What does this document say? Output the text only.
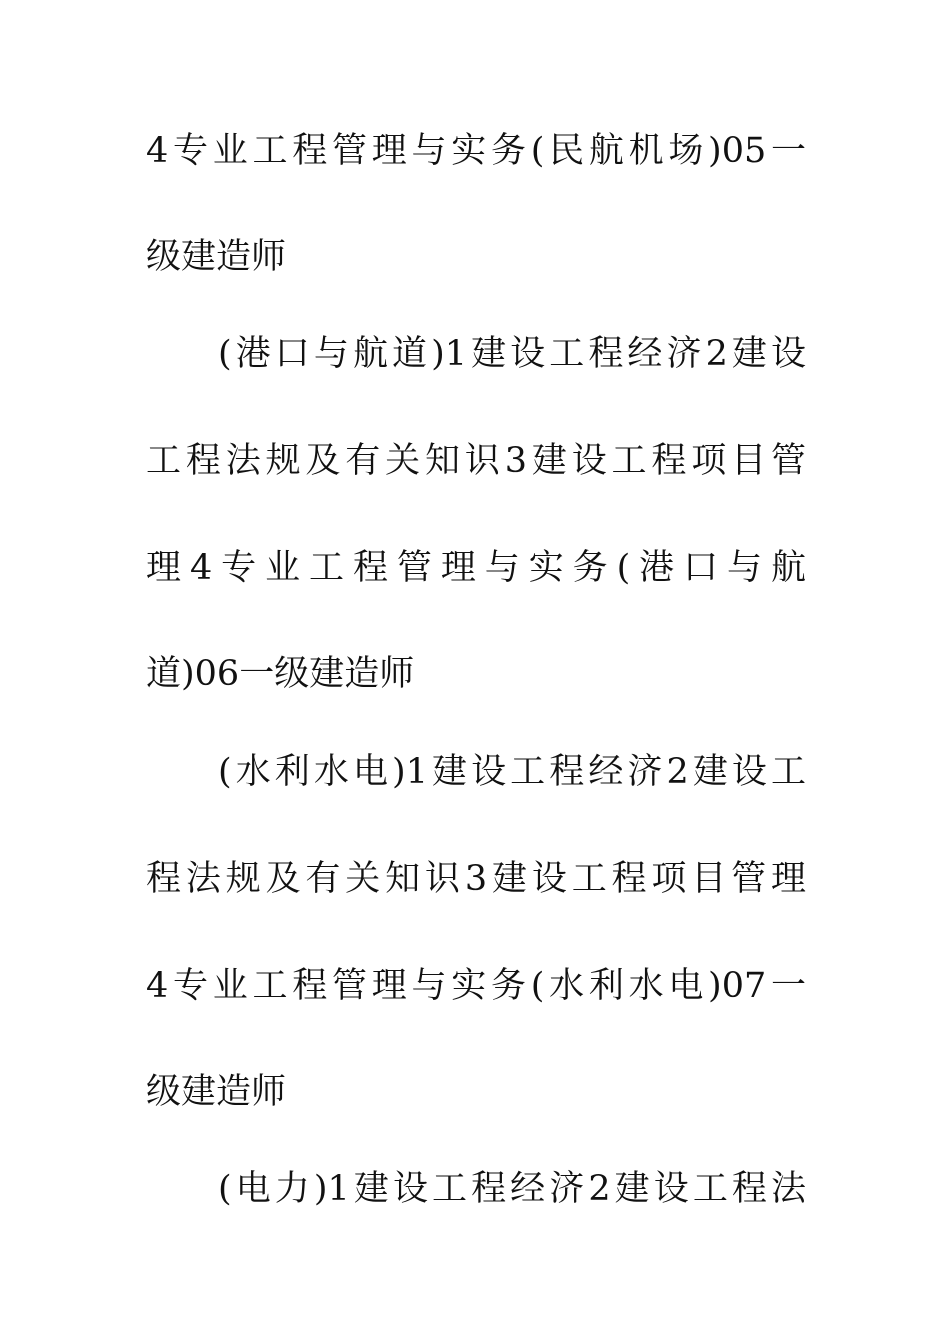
4专业工程管理与实务(民航机场)05一
级建造师
(港口与航道)1建设工程经济2建设
工程法规及有关知识3建设工程项目管
理4专业工程管理与实务(港口与航
道)06一级建造师
(水利水电)1建设工程经济2建设工
程法规及有关知识3建设工程项目管理
4专业工程管理与实务(水利水电)07一
级建造师
(电力)1建设工程经济2建设工程法
